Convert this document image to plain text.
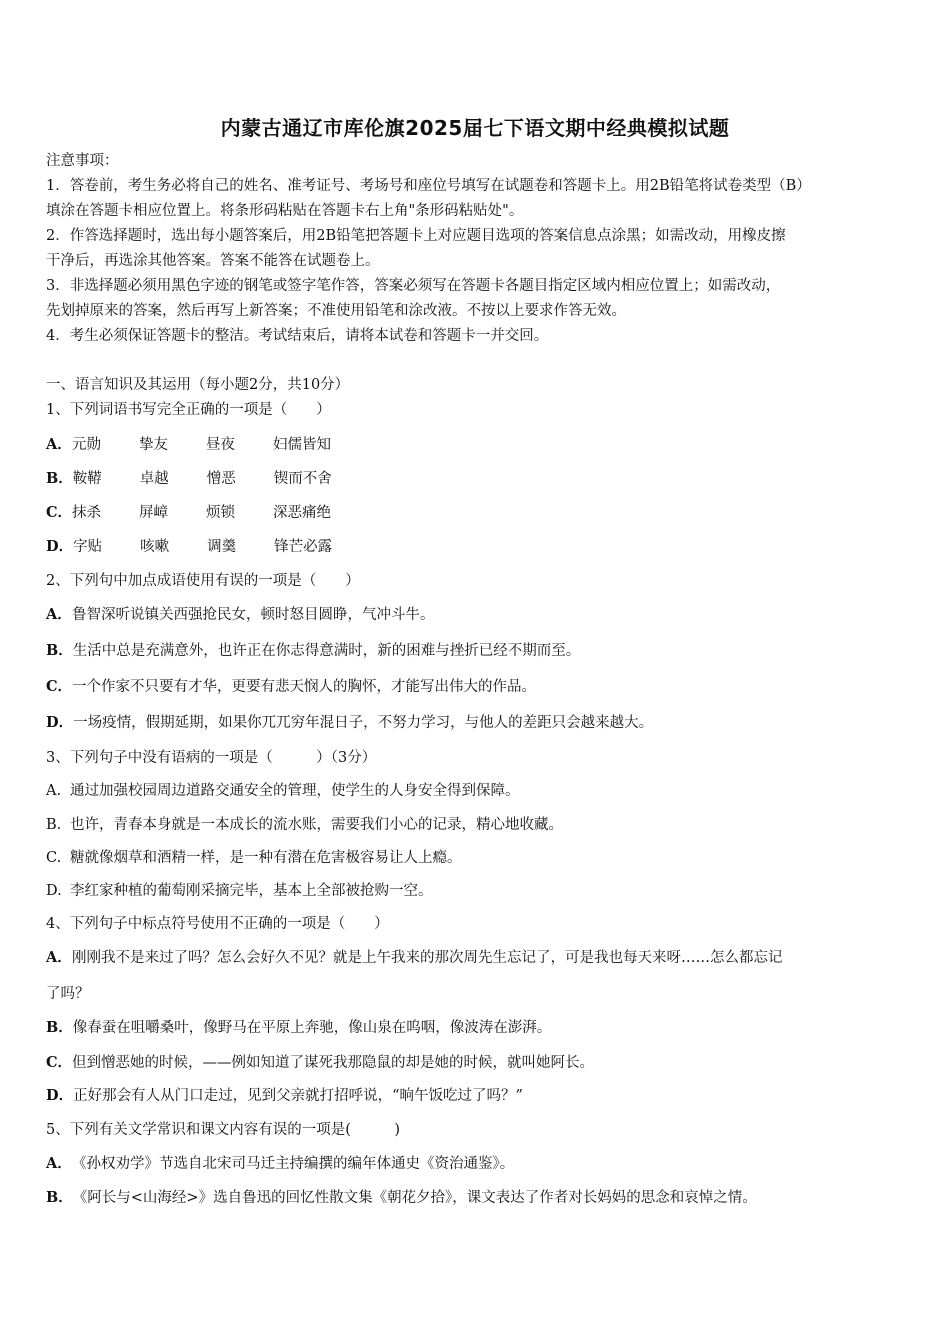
内蒙古通辽市库伦旗2025届七下语文期中经典模拟试题
注意事项：
1．答卷前，考生务必将自己的姓名、准考证号、考场号和座位号填写在试题卷和答题卡上。用2B铅笔将试卷类型（B）
填涂在答题卡相应位置上。将条形码粘贴在答题卡右上角"条形码粘贴处"。
2．作答选择题时，选出每小题答案后，用2B铅笔把答题卡上对应题目选项的答案信息点涂黑；如需改动，用橡皮擦
干净后，再选涂其他答案。答案不能答在试题卷上。
3．非选择题必须用黑色字迹的钢笔或签字笔作答，答案必须写在答题卡各题目指定区域内相应位置上；如需改动，
先划掉原来的答案，然后再写上新答案；不准使用铅笔和涂改液。不按以上要求作答无效。
4．考生必须保证答题卡的整洁。考试结束后，请将本试卷和答题卡一并交回。
一、语言知识及其运用（每小题2分，共10分）
1、下列词语书写完全正确的一项是（　　）
A．元勋	挚友	昼夜	妇儒皆知
B．鞍鞯	卓越	憎恶	锲而不舍
C．抹杀	屏嶂	烦锁	深恶痛绝
D．字贴	咳嗽	调羹	锋芒必露
2、下列句中加点成语使用有误的一项是（　　）
A．鲁智深听说镇关西强抢民女，顿时怒目圆睁，气冲斗牛。
B．生活中总是充满意外，也许正在你志得意满时，新的困难与挫折已经不期而至。
C．一个作家不只要有才华，更要有悲天悯人的胸怀，才能写出伟大的作品。
D．一场疫情，假期延期，如果你兀兀穷年混日子，不努力学习，与他人的差距只会越来越大。
3、下列句子中没有语病的一项是（　　　）（3分）
A. 通过加强校园周边道路交通安全的管理，使学生的人身安全得到保障。
B. 也许，青春本身就是一本成长的流水账，需要我们小心的记录，精心地收藏。
C. 糖就像烟草和酒精一样，是一种有潜在危害极容易让人上瘾。
D. 李红家种植的葡萄刚采摘完毕，基本上全部被抢购一空。
4、下列句子中标点符号使用不正确的一项是（　　）
A．刚刚我不是来过了吗？怎么会好久不见？就是上午我来的那次周先生忘记了，可是我也每天来呀……怎么都忘记
了吗？
B．像春蚕在咀嚼桑叶，像野马在平原上奔驰，像山泉在呜咽，像波涛在澎湃。
C．但到憎恶她的时候，——例如知道了谋死我那隐鼠的却是她的时候，就叫她阿长。
D．正好那会有人从门口走过，见到父亲就打招呼说，“晌午饭吃过了吗？”
5、下列有关文学常识和课文内容有误的一项是(　　　)
A．《孙权劝学》节选自北宋司马迁主持编撰的编年体通史《资治通鉴》。
B．《阿长与<山海经>》选自鲁迅的回忆性散文集《朝花夕拾》，课文表达了作者对长妈妈的思念和哀悼之情。
